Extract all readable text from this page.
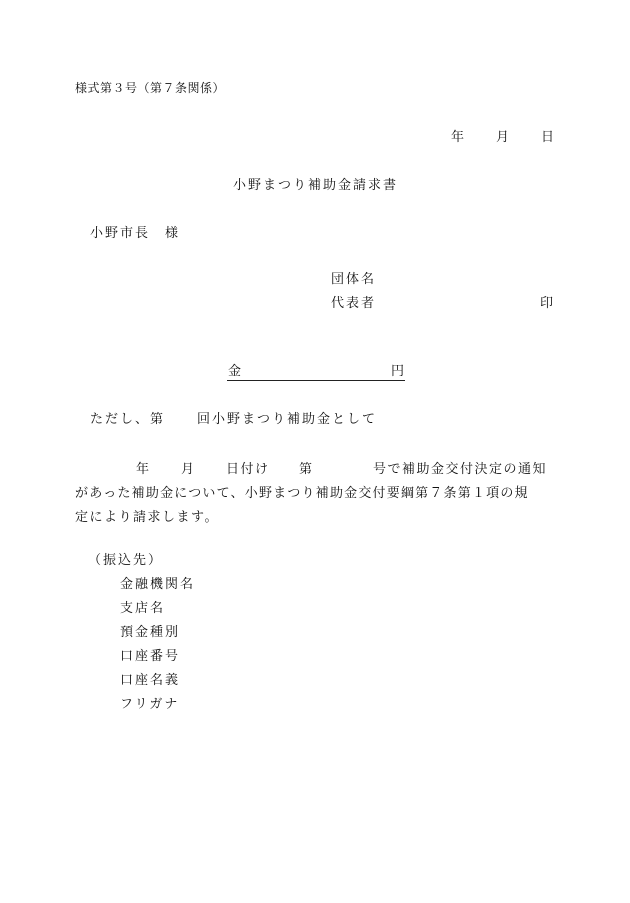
様式第３号（第７条関係）
年 月 日
小野まつり補助金請求書
小野市長　様
団体名
代表者	印
金	円
ただし、第 回小野まつり補助金として
年 月 日付け 第	号で補助金交付決定の通知
があった補助金について、小野まつり補助金交付要綱第７条第１項の規
定により請求します。
（振込先）
金融機関名
支店名
預金種別
口座番号
口座名義
フリガナ
